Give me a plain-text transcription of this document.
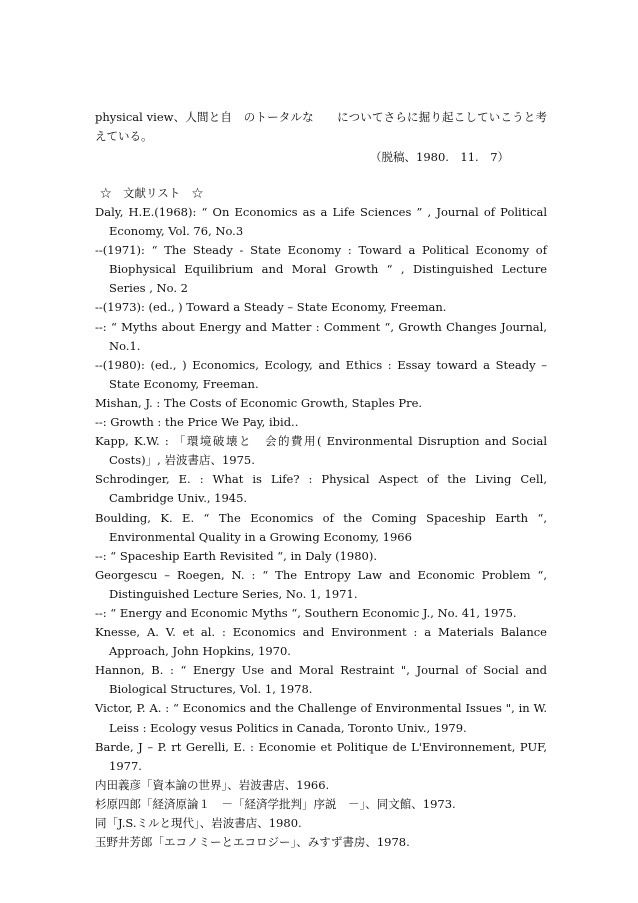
physical view、人間と自　のトータルな　　についてさらに掘り起こしていこうと考えている。
（脱稿、1980.　11.　7）
☆　文献リスト　☆

Daly, H.E.(1968): “ On Economics as a Life Sciences ” , Journal of Political Economy, Vol. 76, No.3

--(1971): “ The Steady - State Economy : Toward a Political Economy of Biophysical Equilibrium and Moral Growth “ , Distinguished Lecture Series , No. 2

--(1973): (ed., ) Toward a Steady – State Economy, Freeman.

--: “ Myths about Energy and Matter : Comment “, Growth Changes Journal, No.1.

--(1980): (ed., ) Economics, Ecology, and Ethics : Essay toward a Steady – State Economy, Freeman.

Mishan, J. : The Costs of Economic Growth, Staples Pre.

--: Growth : the Price We Pay, ibid..

Kapp, K.W. : 「環境破壊と　会的費用( Environmental Disruption and Social Costs)」, 岩波書店、1975.

Schrodinger, E. : What is Life? : Physical Aspect of the Living Cell, Cambridge Univ., 1945.

Boulding, K. E. “ The Economics of the Coming Spaceship Earth “, Environmental Quality in a Growing Economy, 1966

--: “ Spaceship Earth Revisited “, in Daly (1980).

Georgescu – Roegen, N. : “ The Entropy Law and Economic Problem “, Distinguished Lecture Series, No. 1, 1971.

--: “ Energy and Economic Myths “, Southern Economic J., No. 41, 1975.

Knesse, A. V. et al. : Economics and Environment : a Materials Balance Approach, John Hopkins, 1970.

Hannon, B. : “ Energy Use and Moral Restraint ", Journal of Social and Biological Structures, Vol. 1, 1978.

Victor, P. A. : “ Economics and the Challenge of Environmental Issues ", in W. Leiss : Ecology vesus Politics in Canada, Toronto Univ., 1979.

Barde, J – P. rt Gerelli, E. : Economie et Politique de L'Environnement, PUF, 1977.

内田義彦「資本論の世界」、岩波書店、1966.

杉原四郎「経済原論１　－「経済学批判」序説　－」、同文館、1973.

同「J.S.ミルと現代」、岩波書店、1980.

玉野井芳郎「エコノミーとエコロジー」、みすず書房、1978.
